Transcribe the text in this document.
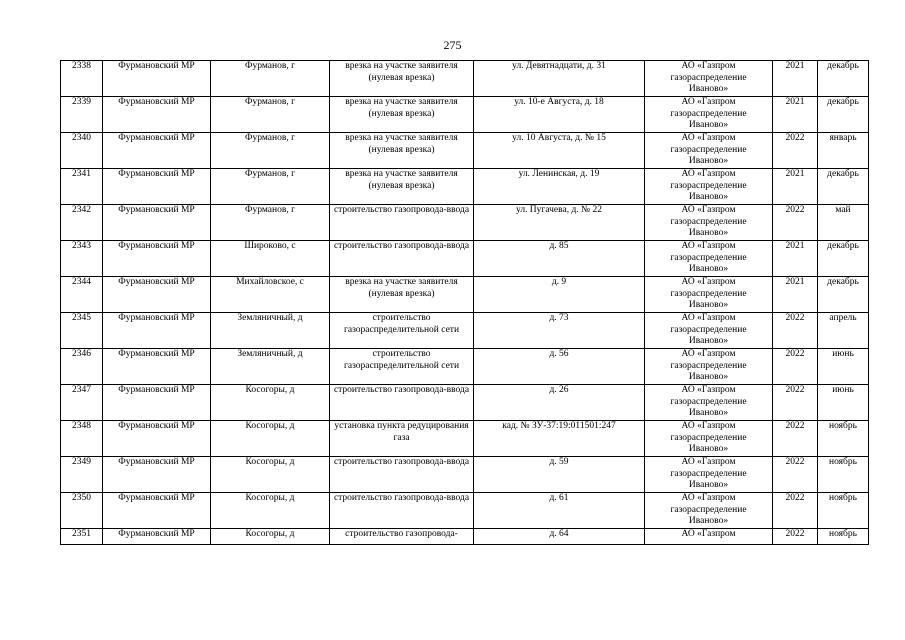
275
2338	Фурмановский МР	Фурманов, г	врезка на участке заявителя (нулевая врезка)	ул. Девятнадцати, д. 31	АО «Газпром
газораспределение
Иваново»	2021	декабрь
2339	Фурмановский МР	Фурманов, г	врезка на участке заявителя (нулевая врезка)	ул. 10-е Августа, д. 18	АО «Газпром
газораспределение
Иваново»	2021	декабрь
2340	Фурмановский МР	Фурманов, г	врезка на участке заявителя (нулевая врезка)	ул. 10 Августа, д. № 15	АО «Газпром
газораспределение
Иваново»	2022	январь
2341	Фурмановский МР	Фурманов, г	врезка на участке заявителя (нулевая врезка)	ул. Ленинская, д. 19	АО «Газпром
газораспределение
Иваново»	2021	декабрь
2342	Фурмановский МР	Фурманов, г	строительство газопровода-ввода	ул. Пугачева, д. № 22	АО «Газпром
газораспределение
Иваново»	2022	май
2343	Фурмановский МР	Широково, с	строительство газопровода-ввода	д. 85	АО «Газпром
газораспределение
Иваново»	2021	декабрь
2344	Фурмановский МР	Михайловское, с	врезка на участке заявителя (нулевая врезка)	д. 9	АО «Газпром
газораспределение
Иваново»	2021	декабрь
2345	Фурмановский МР	Земляничный, д	строительство газораспределительной сети	д. 73	АО «Газпром
газораспределение
Иваново»	2022	апрель
2346	Фурмановский МР	Земляничный, д	строительство газораспределительной сети	д. 56	АО «Газпром
газораспределение
Иваново»	2022	июнь
2347	Фурмановский МР	Косогоры, д	строительство газопровода-ввода	д. 26	АО «Газпром
газораспределение
Иваново»	2022	июнь
2348	Фурмановский МР	Косогоры, д	установка пункта редуцирования газа	кад. № ЗУ-37:19:011501:247	АО «Газпром
газораспределение
Иваново»	2022	ноябрь
2349	Фурмановский МР	Косогоры, д	строительство газопровода-ввода	д. 59	АО «Газпром
газораспределение
Иваново»	2022	ноябрь
2350	Фурмановский МР	Косогоры, д	строительство газопровода-ввода	д. 61	АО «Газпром
газораспределение
Иваново»	2022	ноябрь
2351	Фурмановский МР	Косогоры, д	строительство газопровода-	д. 64	АО «Газпром	2022	ноябрь
